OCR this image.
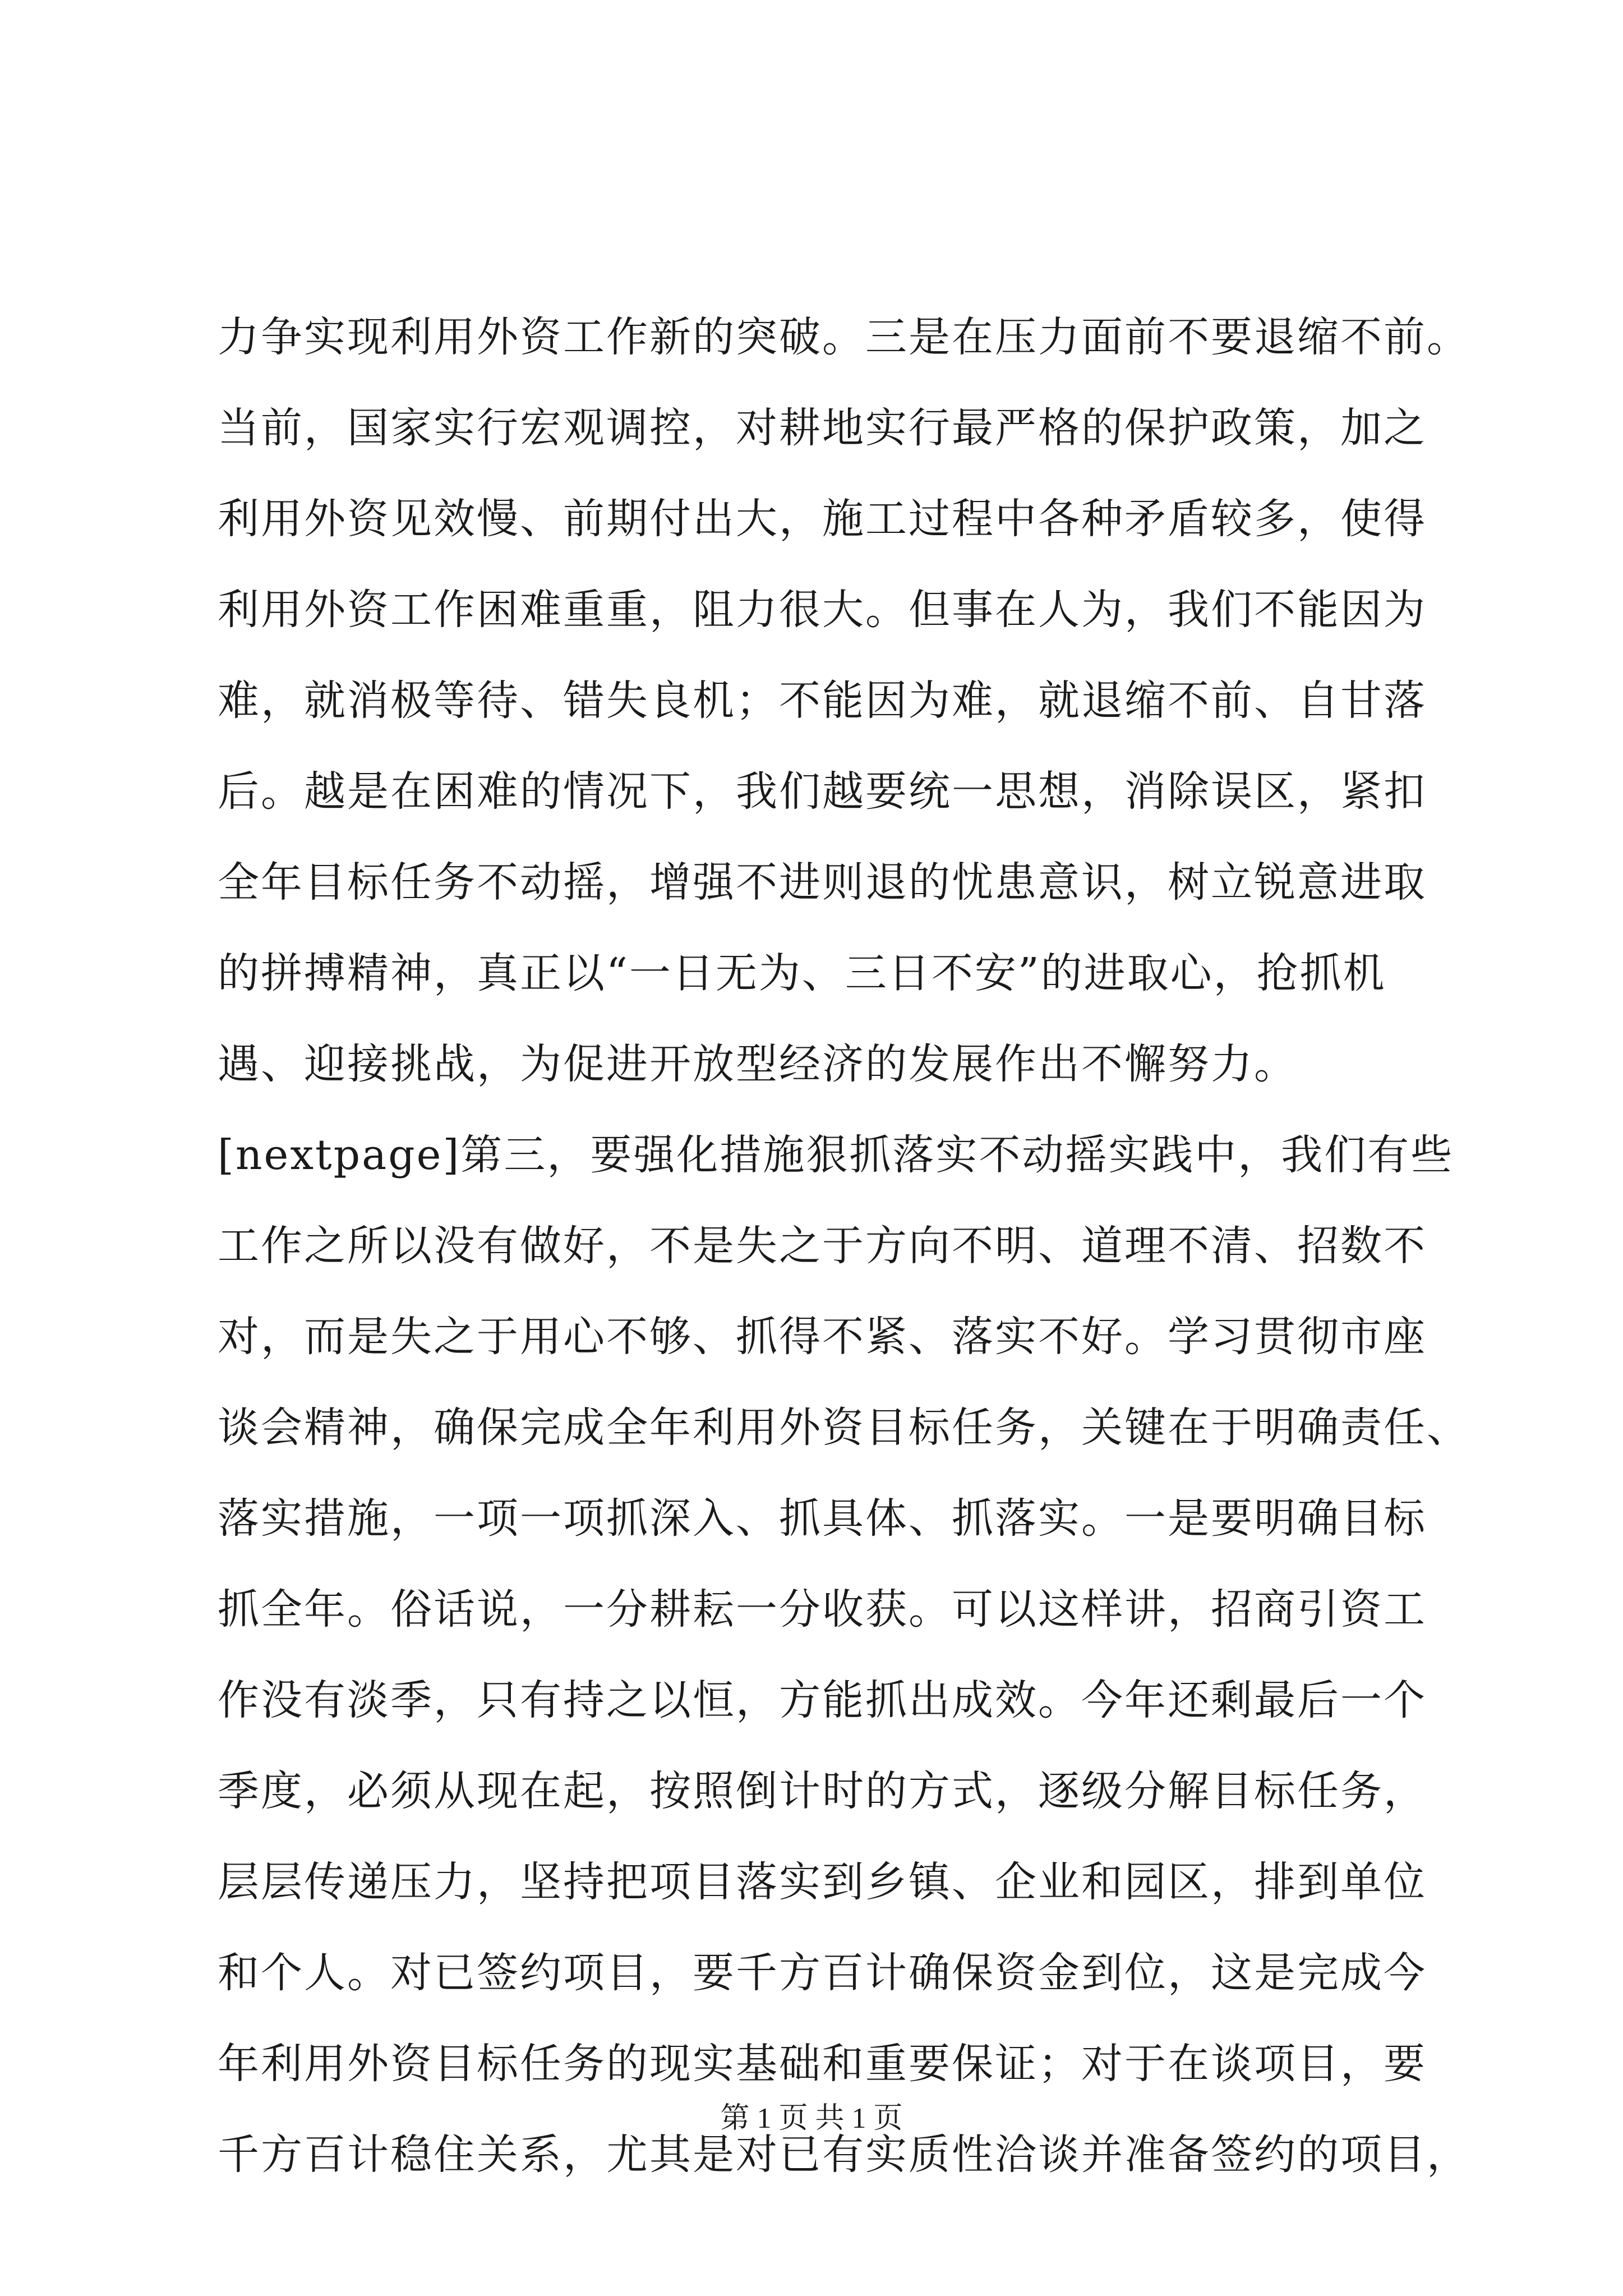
力争实现利用外资工作新的突破。三是在压力面前不要退缩不前。
当前，国家实行宏观调控，对耕地实行最严格的保护政策，加之
利用外资见效慢、前期付出大，施工过程中各种矛盾较多，使得
利用外资工作困难重重，阻力很大。但事在人为，我们不能因为
难，就消极等待、错失良机；不能因为难，就退缩不前、自甘落
后。越是在困难的情况下，我们越要统一思想，消除误区，紧扣
全年目标任务不动摇，增强不进则退的忧患意识，树立锐意进取
的拼搏精神，真正以“一日无为、三日不安”的进取心，抢抓机
遇、迎接挑战，为促进开放型经济的发展作出不懈努力。
[nextpage]第三，要强化措施狠抓落实不动摇实践中，我们有些
工作之所以没有做好，不是失之于方向不明、道理不清、招数不
对，而是失之于用心不够、抓得不紧、落实不好。学习贯彻市座
谈会精神，确保完成全年利用外资目标任务，关键在于明确责任、
落实措施，一项一项抓深入、抓具体、抓落实。一是要明确目标
抓全年。俗话说，一分耕耘一分收获。可以这样讲，招商引资工
作没有淡季，只有持之以恒，方能抓出成效。今年还剩最后一个
季度，必须从现在起，按照倒计时的方式，逐级分解目标任务，
层层传递压力，坚持把项目落实到乡镇、企业和园区，排到单位
和个人。对已签约项目，要千方百计确保资金到位，这是完成今
年利用外资目标任务的现实基础和重要保证；对于在谈项目，要
千方百计稳住关系，尤其是对已有实质性洽谈并准备签约的项目，
第 1 页 共 1 页
